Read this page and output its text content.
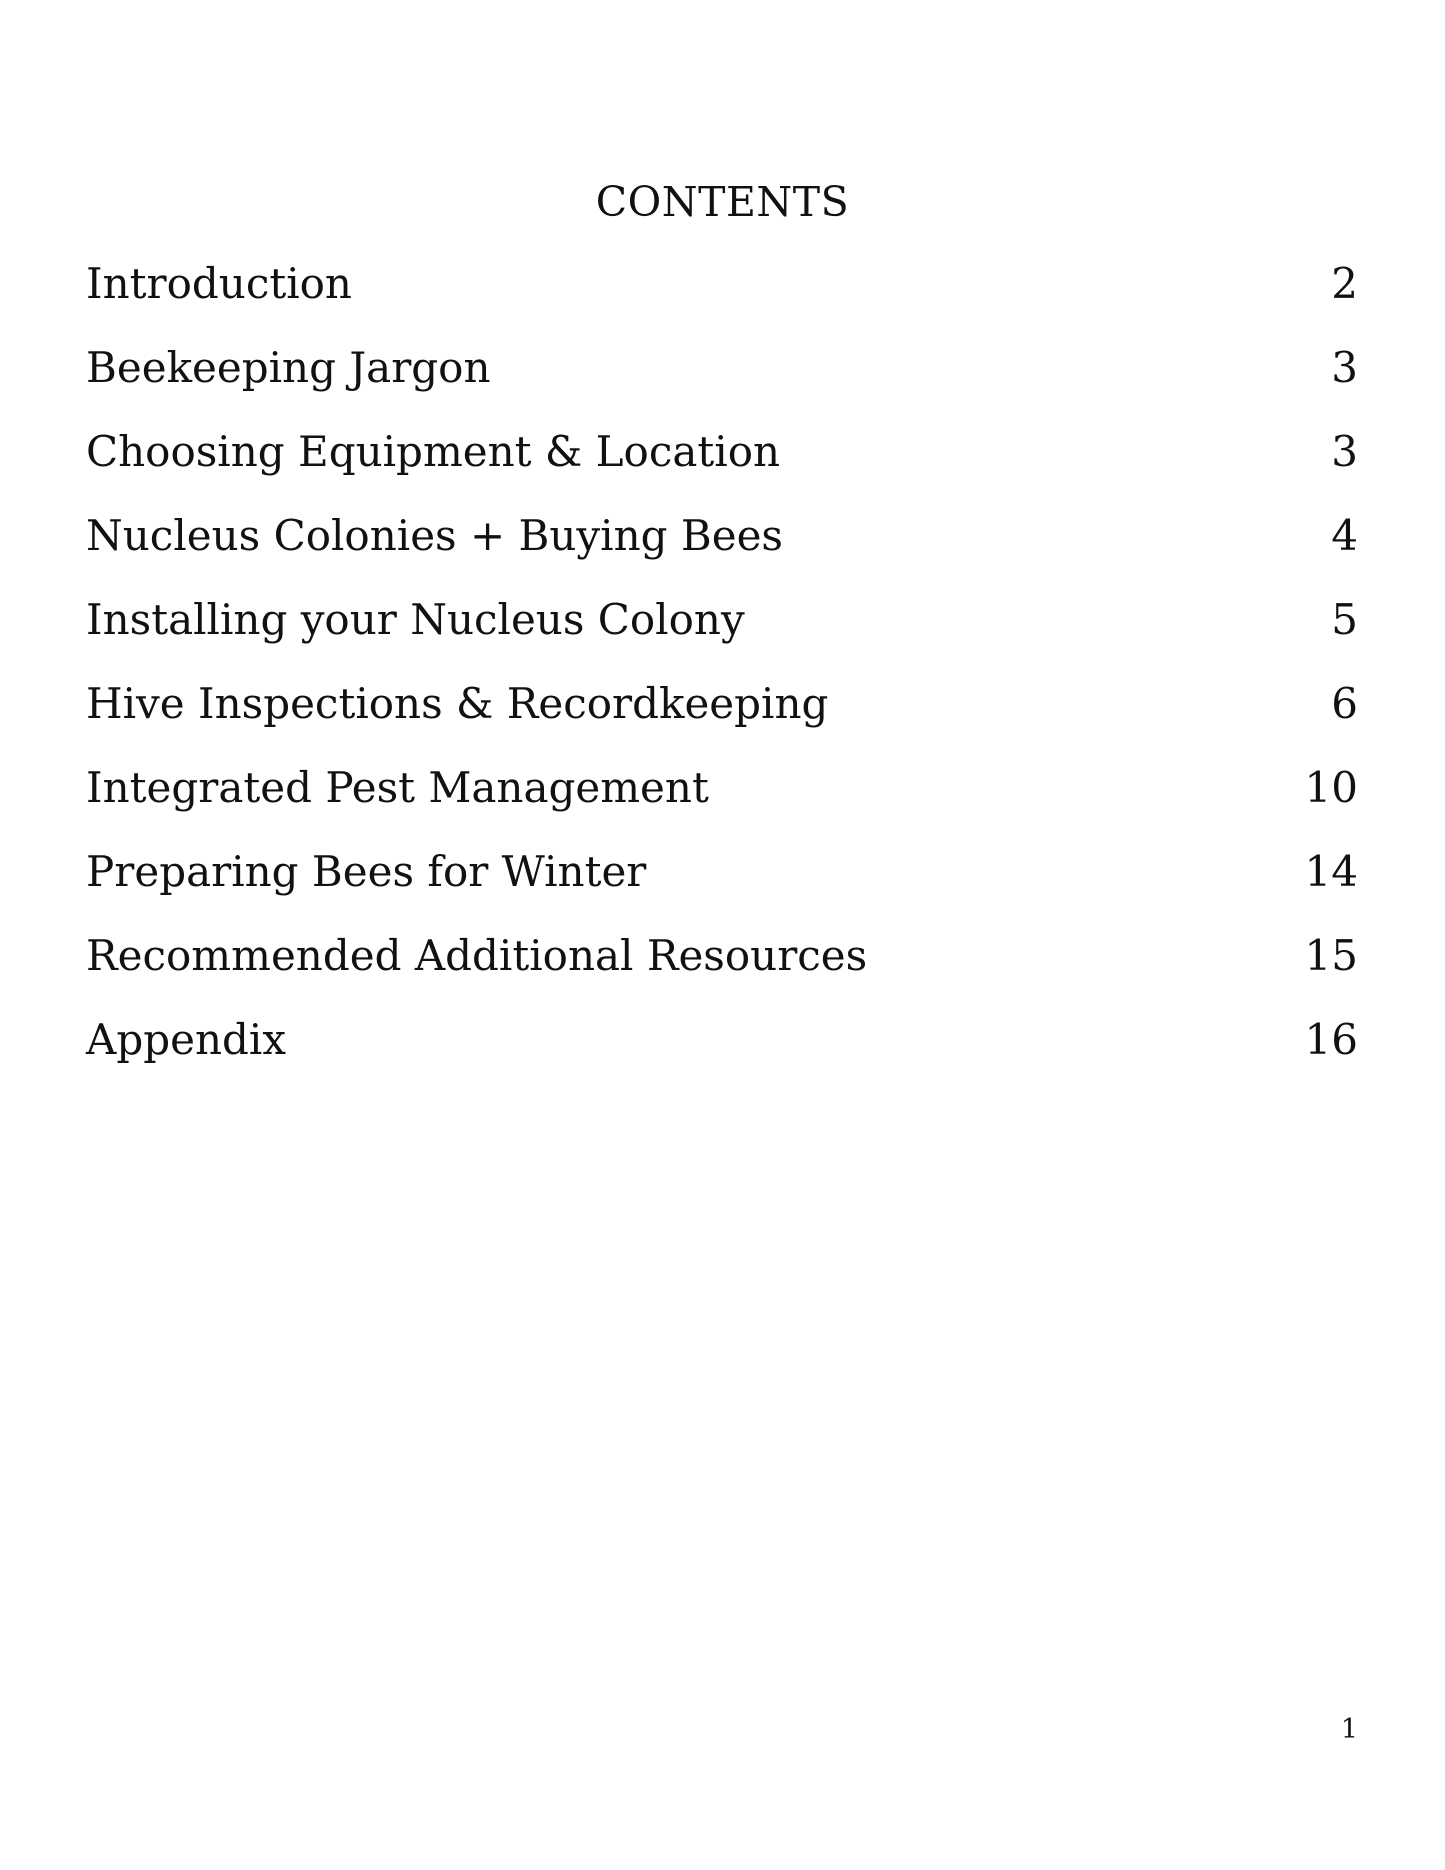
CONTENTS
Introduction	2
Beekeeping Jargon	3
Choosing Equipment & Location	3
Nucleus Colonies + Buying Bees	4
Installing your Nucleus Colony	5
Hive Inspections & Recordkeeping	6
Integrated Pest Management	10
Preparing Bees for Winter	14
Recommended Additional Resources	15
Appendix	16
1
